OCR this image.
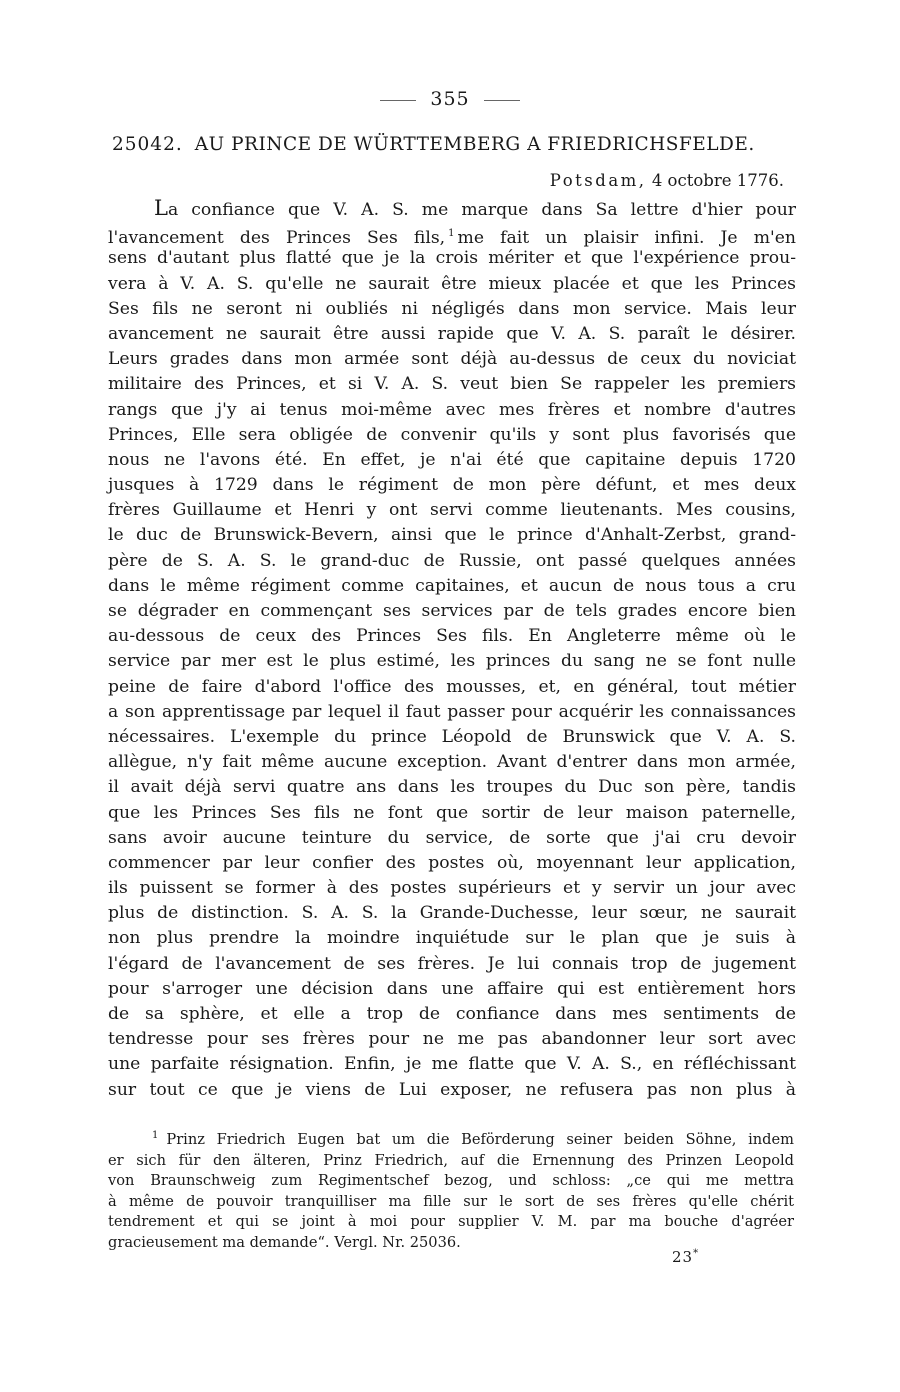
355
25042. AU PRINCE DE WÜRTTEMBERG A FRIEDRICHSFELDE.
Potsdam, 4 octobre 1776.
La confiance que V. A. S. me marque dans Sa lettre d'hier pour
l'avancement des Princes Ses fils, $^1$ me fait un plaisir infini. Je m'en
sens d'autant plus flatté que je la crois mériter et que l'expérience prou-
vera à V. A. S. qu'elle ne saurait être mieux placée et que les Princes
Ses fils ne seront ni oubliés ni négligés dans mon service. Mais leur
avancement ne saurait être aussi rapide que V. A. S. paraît le désirer.
Leurs grades dans mon armée sont déjà au-dessus de ceux du noviciat
militaire des Princes, et si V. A. S. veut bien Se rappeler les premiers
rangs que j'y ai tenus moi-même avec mes frères et nombre d'autres
Princes, Elle sera obligée de convenir qu'ils y sont plus favorisés que
nous ne l'avons été. En effet, je n'ai été que capitaine depuis 1720
jusques à 1729 dans le régiment de mon père défunt, et mes deux
frères Guillaume et Henri y ont servi comme lieutenants. Mes cousins,
le duc de Brunswick-Bevern, ainsi que le prince d'Anhalt-Zerbst, grand-
père de S. A. S. le grand-duc de Russie, ont passé quelques années
dans le même régiment comme capitaines, et aucun de nous tous a cru
se dégrader en commençant ses services par de tels grades encore bien
au-dessous de ceux des Princes Ses fils. En Angleterre même où le
service par mer est le plus estimé, les princes du sang ne se font nulle
peine de faire d'abord l'office des mousses, et, en général, tout métier
a son apprentissage par lequel il faut passer pour acquérir les connaissances
nécessaires. L'exemple du prince Léopold de Brunswick que V. A. S.
allègue, n'y fait même aucune exception. Avant d'entrer dans mon armée,
il avait déjà servi quatre ans dans les troupes du Duc son père, tandis
que les Princes Ses fils ne font que sortir de leur maison paternelle,
sans avoir aucune teinture du service, de sorte que j'ai cru devoir
commencer par leur confier des postes où, moyennant leur application,
ils puissent se former à des postes supérieurs et y servir un jour avec
plus de distinction. S. A. S. la Grande-Duchesse, leur sœur, ne saurait
non plus prendre la moindre inquiétude sur le plan que je suis à
l'égard de l'avancement de ses frères. Je lui connais trop de jugement
pour s'arroger une décision dans une affaire qui est entièrement hors
de sa sphère, et elle a trop de confiance dans mes sentiments de
tendresse pour ses frères pour ne me pas abandonner leur sort avec
une parfaite résignation. Enfin, je me flatte que V. A. S., en réfléchissant
sur tout ce que je viens de Lui exposer, ne refusera pas non plus à
$^1$ Prinz Friedrich Eugen bat um die Beförderung seiner beiden Söhne, indem
er sich für den älteren, Prinz Friedrich, auf die Ernennung des Prinzen Leopold
von Braunschweig zum Regimentschef bezog, und schloss: „ce qui me mettra
à même de pouvoir tranquilliser ma fille sur le sort de ses frères qu'elle chérit
tendrement et qui se joint à moi pour supplier V. M. par ma bouche d'agréer
gracieusement ma demande“. Vergl. Nr. 25036.
23*
